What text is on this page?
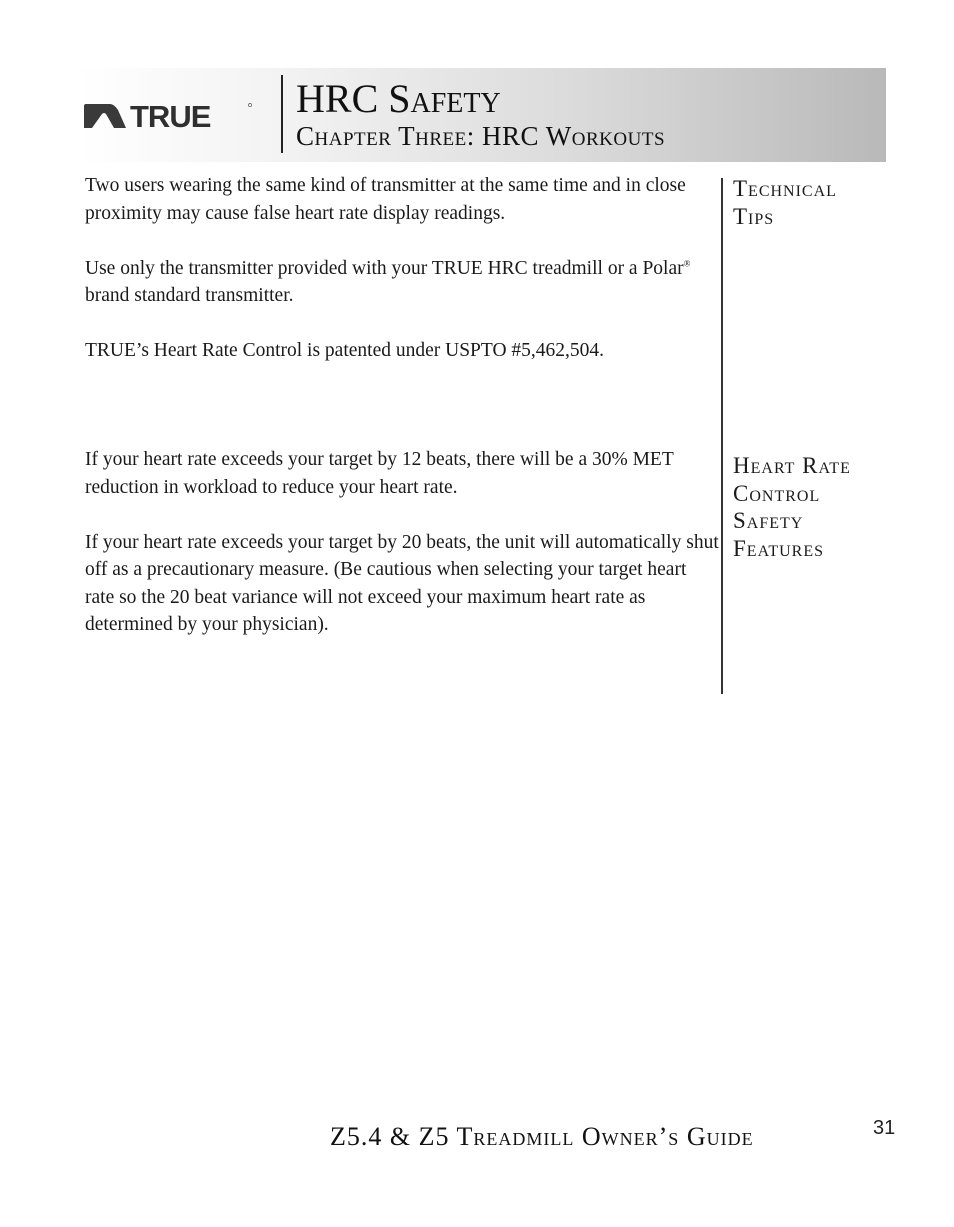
TRUE HRC Safety
Chapter Three: HRC Workouts

Two users wearing the same kind of transmitter at the same time and in close proximity may cause false heart rate display readings.

Use only the transmitter provided with your TRUE HRC treadmill or a Polar® brand standard transmitter.

TRUE’s Heart Rate Control is patented under USPTO #5,462,504.

Technical
Tips

If your heart rate exceeds your target by 12 beats, there will be a 30% MET reduction in workload to reduce your heart rate.

If your heart rate exceeds your target by 20 beats, the unit will automatically shut off as a precautionary measure. (Be cautious when selecting your target heart rate so the 20 beat variance will not exceed your maximum heart rate as determined by your physician).

Heart Rate
Control
Safety
Features
Z5.4 & Z5 Treadmill Owner’s Guide	31
